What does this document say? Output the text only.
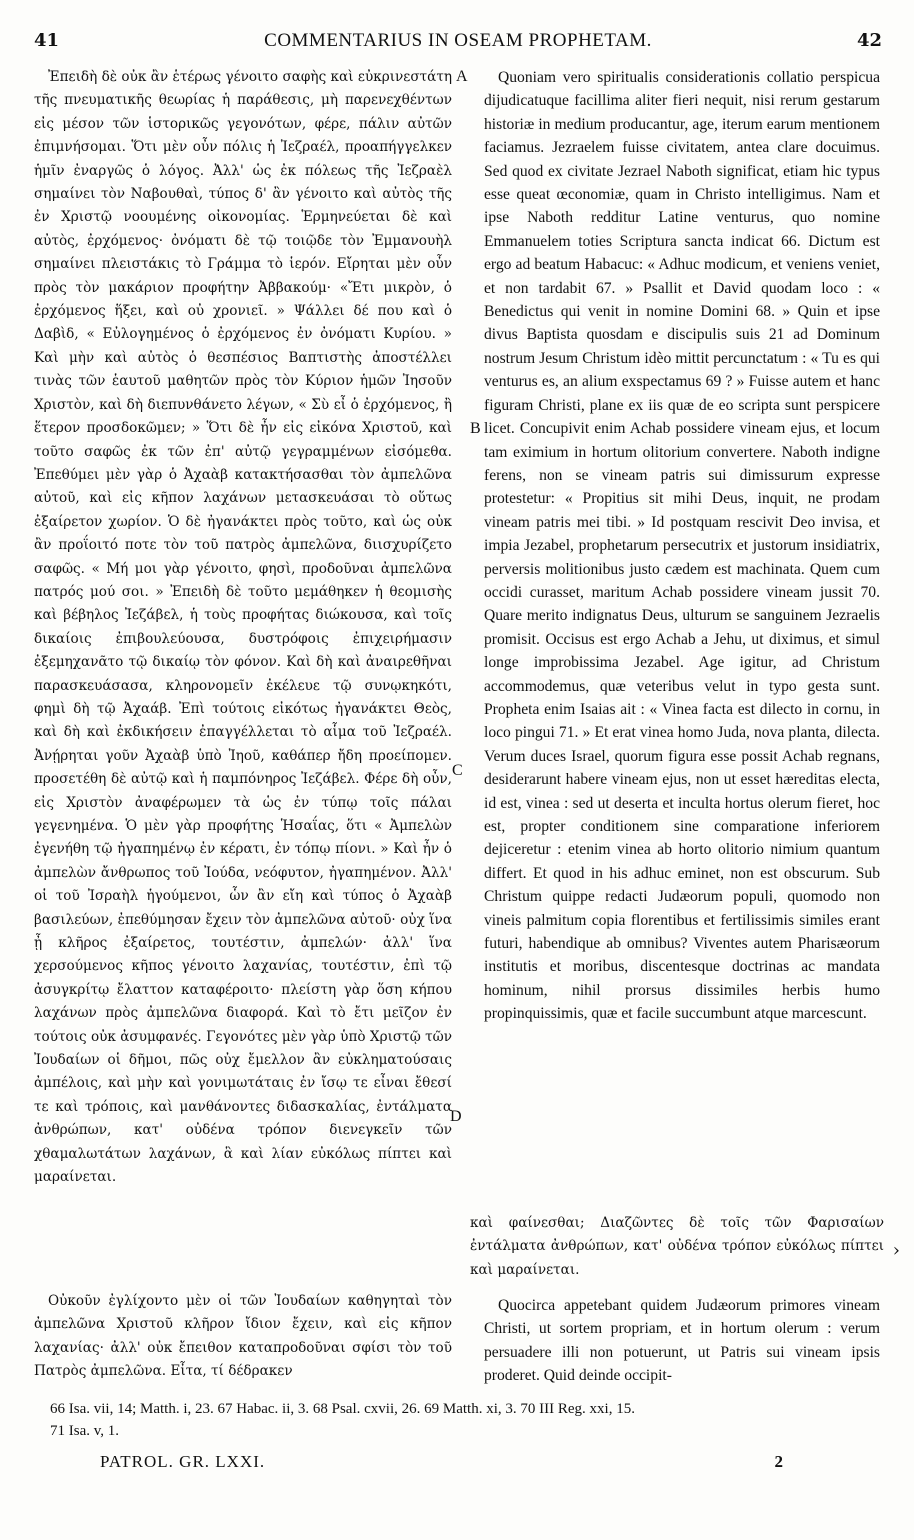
41	COMMENTARIUS IN OSEAM PROPHETAM.	42
A
B
C
D

Ἐπειδὴ δὲ οὐκ ἂν ἑτέρως γένοιτο σαφὴς καὶ εὐκρινεστάτη τῆς πνευματικῆς θεωρίας ἡ παράθεσις, μὴ παρενεχθέντων εἰς μέσον τῶν ἱστορικῶς γεγονότων, φέρε, πάλιν αὐτῶν ἐπιμνήσομαι. Ὅτι μὲν οὖν πόλις ἡ Ἰεζραέλ, προαπήγγελκεν ἡμῖν ἐναργῶς ὁ λόγος. Ἀλλ' ὡς ἐκ πόλεως τῆς Ἰεζραὲλ σημαίνει τὸν Ναβουθαὶ, τύπος δ' ἂν γένοιτο καὶ αὐτὸς τῆς ἐν Χριστῷ νοουμένης οἰκονομίας. Ἑρμηνεύεται δὲ καὶ αὐτὸς, ἐρχόμενος· ὀνόματι δὲ τῷ τοιῷδε τὸν Ἐμμανουὴλ σημαίνει πλειστάκις τὸ Γράμμα τὸ ἱερόν. Εἴρηται μὲν οὖν πρὸς τὸν μακάριον προφήτην Ἀββακούμ· «Ἔτι μικρὸν, ὁ ἐρχόμενος ἥξει, καὶ οὐ χρονιεῖ. » Ψάλλει δέ που καὶ ὁ Δαβὶδ, « Εὐλογημένος ὁ ἐρχόμενος ἐν ὀνόματι Κυρίου. » Καὶ μὴν καὶ αὐτὸς ὁ θεσπέσιος Βαπτιστὴς ἀποστέλλει τινὰς τῶν ἑαυτοῦ μαθητῶν πρὸς τὸν Κύριον ἡμῶν Ἰησοῦν Χριστὸν, καὶ δὴ διεπυνθάνετο λέγων, « Σὺ εἶ ὁ ἐρχόμενος, ἢ ἕτερον προσδοκῶμεν; » Ὅτι δὲ ἦν εἰς εἰκόνα Χριστοῦ, καὶ τοῦτο σαφῶς ἐκ τῶν ἐπ' αὐτῷ γεγραμμένων εἰσόμεθα. Ἐπεθύμει μὲν γὰρ ὁ Ἀχαὰβ κατακτήσασθαι τὸν ἀμπελῶνα αὐτοῦ, καὶ εἰς κῆπον λαχάνων μετασκευάσαι τὸ οὕτως ἐξαίρετον χωρίον. Ὁ δὲ ἠγανάκτει πρὸς τοῦτο, καὶ ὡς οὐκ ἂν προΐοιτό ποτε τὸν τοῦ πατρὸς ἀμπελῶνα, διισχυρίζετο σαφῶς. « Μή μοι γὰρ γένοιτο, φησὶ, προδοῦναι ἀμπελῶνα πατρός μού σοι. » Ἐπειδὴ δὲ τοῦτο μεμάθηκεν ἡ θεομισὴς καὶ βέβηλος Ἰεζάβελ, ἡ τοὺς προφήτας διώκουσα, καὶ τοῖς δικαίοις ἐπιβουλεύουσα, δυστρόφοις ἐπιχειρήμασιν ἐξεμηχανᾶτο τῷ δικαίῳ τὸν φόνον. Καὶ δὴ καὶ ἀναιρεθῆναι παρασκευάσασα, κληρονομεῖν ἐκέλευε τῷ συνῳκηκότι, φημὶ δὴ τῷ Ἀχαάβ. Ἐπὶ τούτοις εἰκότως ἠγανάκτει Θεὸς, καὶ δὴ καὶ ἐκδικήσειν ἐπαγγέλλεται τὸ αἷμα τοῦ Ἰεζραέλ. Ἀνῄρηται γοῦν Ἀχαὰβ ὑπὸ Ἰηοῦ, καθάπερ ἤδη προείπομεν. προσετέθη δὲ αὐτῷ καὶ ἡ παμπόνηρος Ἰεζάβελ. Φέρε δὴ οὖν, εἰς Χριστὸν ἀναφέρωμεν τὰ ὡς ἐν τύπῳ τοῖς πάλαι γεγενημένα. Ὁ μὲν γὰρ προφήτης Ἡσαΐας, ὅτι « Ἀμπελὼν ἐγενήθη τῷ ἠγαπημένῳ ἐν κέρατι, ἐν τόπῳ πίονι. » Καὶ ἦν ὁ ἀμπελὼν ἄνθρωπος τοῦ Ἰούδα, νεόφυτον, ἠγαπημένον. Ἀλλ' οἱ τοῦ Ἰσραὴλ ἡγούμενοι, ὧν ἂν εἴη καὶ τύπος ὁ Ἀχαὰβ βασιλεύων, ἐπεθύμησαν ἔχειν τὸν ἀμπελῶνα αὐτοῦ· οὐχ ἵνα ᾖ κλῆρος ἐξαίρετος, τουτέστιν, ἀμπελών· ἀλλ' ἵνα χερσούμενος κῆπος γένοιτο λαχανίας, τουτέστιν, ἐπὶ τῷ ἀσυγκρίτῳ ἔλαττον καταφέροιτο· πλείστη γὰρ ὅση κήπου λαχάνων πρὸς ἀμπελῶνα διαφορά. Καὶ τὸ ἔτι μεῖζον ἐν τούτοις οὐκ ἀσυμφανές. Γεγονότες μὲν γὰρ ὑπὸ Χριστῷ τῶν Ἰουδαίων οἱ δῆμοι, πῶς οὐχ ἔμελλον ἂν εὐκληματούσαις ἀμπέλοις, καὶ μὴν καὶ γονιμωτάταις ἐν ἴσῳ τε εἶναι ἔθεσί τε καὶ τρόποις, καὶ μανθάνοντες διδασκαλίας, ἐντάλματα ἀνθρώπων, κατ' οὐδένα τρόπον διενεγκεῖν τῶν χθαμαλωτάτων λαχάνων, ἃ καὶ λίαν εὐκόλως πίπτει καὶ μαραίνεται.

Οὐκοῦν ἐγλίχοντο μὲν οἱ τῶν Ἰουδαίων καθηγηταὶ τὸν ἀμπελῶνα Χριστοῦ κλῆρον ἴδιον ἔχειν, καὶ εἰς κῆπον λαχανίας· ἀλλ' οὐκ ἔπειθον καταπροδοῦναι σφίσι τὸν τοῦ Πατρὸς ἀμπελῶνα. Εἶτα, τί δέδρακεν

Quoniam vero spiritualis considerationis collatio perspicua dijudicatuque facillima aliter fieri nequit, nisi rerum gestarum historiæ in medium producantur, age, iterum earum mentionem faciamus. Jezraelem fuisse civitatem, antea clare docuimus. Sed quod ex civitate Jezrael Naboth significat, etiam hic typus esse queat œconomiæ, quam in Christo intelligimus. Nam et ipse Naboth redditur Latine venturus, quo nomine Emmanuelem toties Scriptura sancta indicat 66. Dictum est ergo ad beatum Habacuc: « Adhuc modicum, et veniens veniet, et non tardabit 67. » Psallit et David quodam loco : « Benedictus qui venit in nomine Domini 68. » Quin et ipse divus Baptista quosdam e discipulis suis 21 ad Dominum nostrum Jesum Christum idèo mittit percunctatum : « Tu es qui venturus es, an alium exspectamus 69 ? » Fuisse autem et hanc figuram Christi, plane ex iis quæ de eo scripta sunt perspicere licet. Concupivit enim Achab possidere vineam ejus, et locum tam eximium in hortum olitorium convertere. Naboth indigne ferens, non se vineam patris sui dimissurum expresse protestetur: « Propitius sit mihi Deus, inquit, ne prodam vineam patris mei tibi. » Id postquam rescivit Deo invisa, et impia Jezabel, prophetarum persecutrix et justorum insidiatrix, perversis molitionibus justo cædem est machinata. Quem cum occidi curasset, maritum Achab possidere vineam jussit 70. Quare merito indignatus Deus, ulturum se sanguinem Jezraelis promisit. Occisus est ergo Achab a Jehu, ut diximus, et simul longe improbissima Jezabel. Age igitur, ad Christum accommodemus, quæ veteribus velut in typo gesta sunt. Propheta enim Isaias ait : « Vinea facta est dilecto in cornu, in loco pingui 71. » Et erat vinea homo Juda, nova planta, dilecta. Verum duces Israel, quorum figura esse possit Achab regnans, desiderarunt habere vineam ejus, non ut esset hæreditas electa, id est, vinea : sed ut deserta et inculta hortus olerum fieret, hoc est, propter conditionem sine comparatione inferiorem dejiceretur : etenim vinea ab horto olitorio nimium quantum differt. Et quod in his adhuc eminet, non est obscurum. Sub Christum quippe redacti Judæorum populi, quomodo non vineis palmitum copia florentibus et fertilissimis similes erant futuri, habendique ab omnibus? Viventes autem Pharisæorum institutis et moribus, discentesque doctrinas ac mandata hominum, nihil prorsus dissimiles herbis humo propinquissimis, quæ et facile succumbunt atque marcescunt.

καὶ φαίνεσθαι; Διαζῶντες δὲ τοῖς τῶν Φαρισαίων ἐντάλματα ἀνθρώπων, κατ' οὐδένα τρόπον εὐκόλως πίπτει καὶ μαραίνεται.

Quocirca appetebant quidem Judæorum primores vineam Christi, ut sortem propriam, et in hortum olerum : verum persuadere illi non potuerunt, ut Patris sui vineam ipsis proderet. Quid deinde occipit-

›
66 Isa. vii, 14; Matth. i, 23. 67 Habac. ii, 3. 68 Psal. cxvii, 26. 69 Matth. xi, 3. 70 III Reg. xxi, 15.
71 Isa. v, 1.
PATROL. GR. LXXI.	2
